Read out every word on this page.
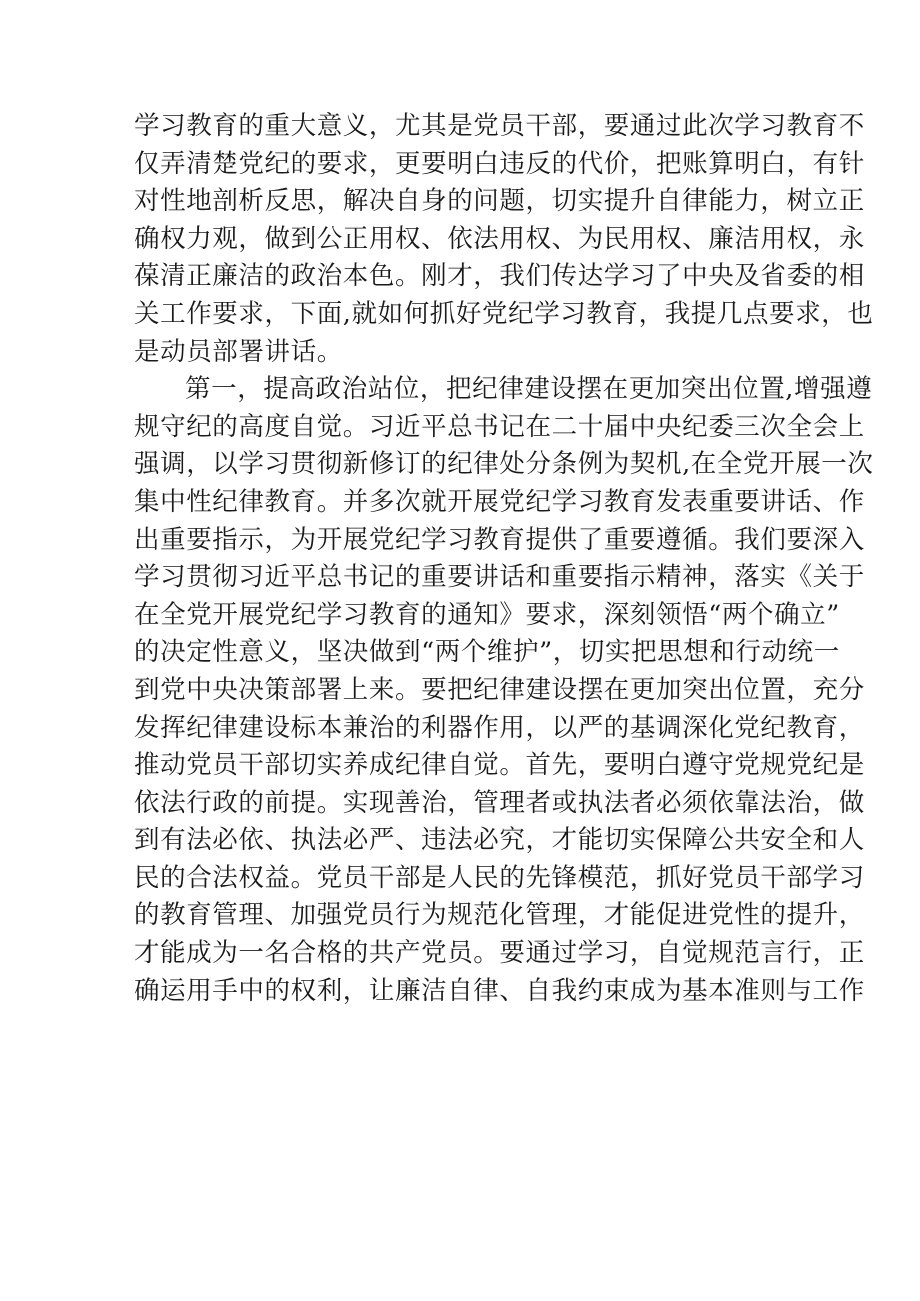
学习教育的重大意义，尤其是党员干部，要通过此次学习教育不
仅弄清楚党纪的要求，更要明白违反的代价，把账算明白，有针
对性地剖析反思，解决自身的问题，切实提升自律能力，树立正
确权力观，做到公正用权、依法用权、为民用权、廉洁用权，永
葆清正廉洁的政治本色。刚才，我们传达学习了中央及省委的相
关工作要求，下面,就如何抓好党纪学习教育，我提几点要求，也
是动员部署讲话。
第一，提高政治站位，把纪律建设摆在更加突出位置,增强遵
规守纪的高度自觉。习近平总书记在二十届中央纪委三次全会上
强调，以学习贯彻新修订的纪律处分条例为契机,在全党开展一次
集中性纪律教育。并多次就开展党纪学习教育发表重要讲话、作
出重要指示，为开展党纪学习教育提供了重要遵循。我们要深入
学习贯彻习近平总书记的重要讲话和重要指示精神，落实《关于
在全党开展党纪学习教育的通知》要求，深刻领悟“两个确立”
的决定性意义，坚决做到“两个维护”，切实把思想和行动统一
到党中央决策部署上来。要把纪律建设摆在更加突出位置，充分
发挥纪律建设标本兼治的利器作用，以严的基调深化党纪教育，
推动党员干部切实养成纪律自觉。首先，要明白遵守党规党纪是
依法行政的前提。实现善治，管理者或执法者必须依靠法治，做
到有法必依、执法必严、违法必究，才能切实保障公共安全和人
民的合法权益。党员干部是人民的先锋模范，抓好党员干部学习
的教育管理、加强党员行为规范化管理，才能促进党性的提升，
才能成为一名合格的共产党员。要通过学习，自觉规范言行，正
确运用手中的权利，让廉洁自律、自我约束成为基本准则与工作
